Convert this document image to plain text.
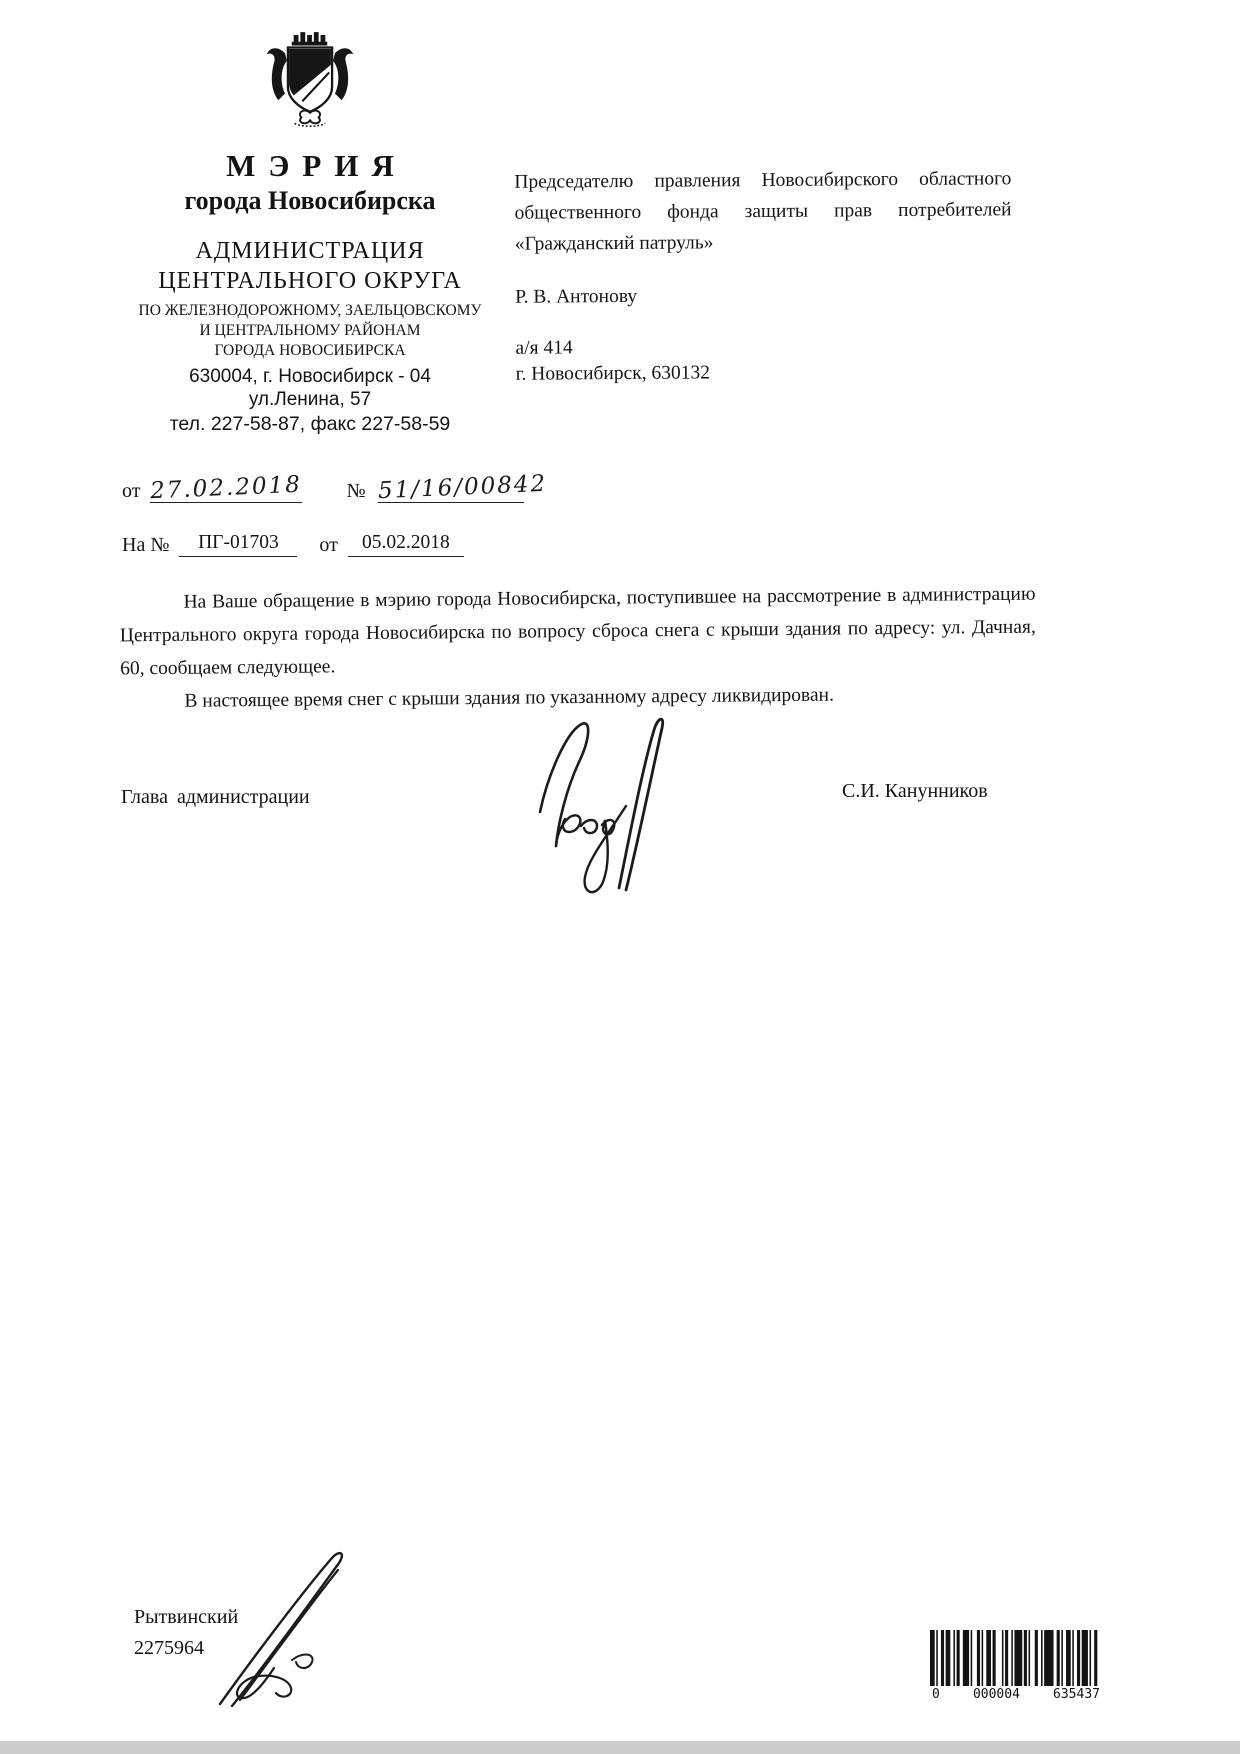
МЭРИЯ
города Новосибирска
АДМИНИСТРАЦИЯ
ЦЕНТРАЛЬНОГО ОКРУГА
ПО ЖЕЛЕЗНОДОРОЖНОМУ, ЗАЕЛЬЦОВСКОМУ
И ЦЕНТРАЛЬНОМУ РАЙОНАМ
ГОРОДА НОВОСИБИРСКА
630004, г. Новосибирск - 04
ул.Ленина, 57
тел. 227-58-87, факс 227-58-59
от 27.02.2018 № 51/16/00842
На №	ПГ-01703	от	05.02.2018
Председателю правления Новосибирского областного общественного фонда защиты прав потребителей «Гражданский патруль»
Р. В. Антонову
а/я 414
г. Новосибирск, 630132

На Ваше обращение в мэрию города Новосибирска, поступившее на рассмотрение в администрацию Центрального округа города Новосибирска по вопросу сброса снега с крыши здания по адресу: ул. Дачная, 60, сообщаем следующее.

В настоящее время снег с крыши здания по указанному адресу ликвидирован.

Глава администрации	С.И. Канунников
Рытвинский
2275964
0	000004	635437
